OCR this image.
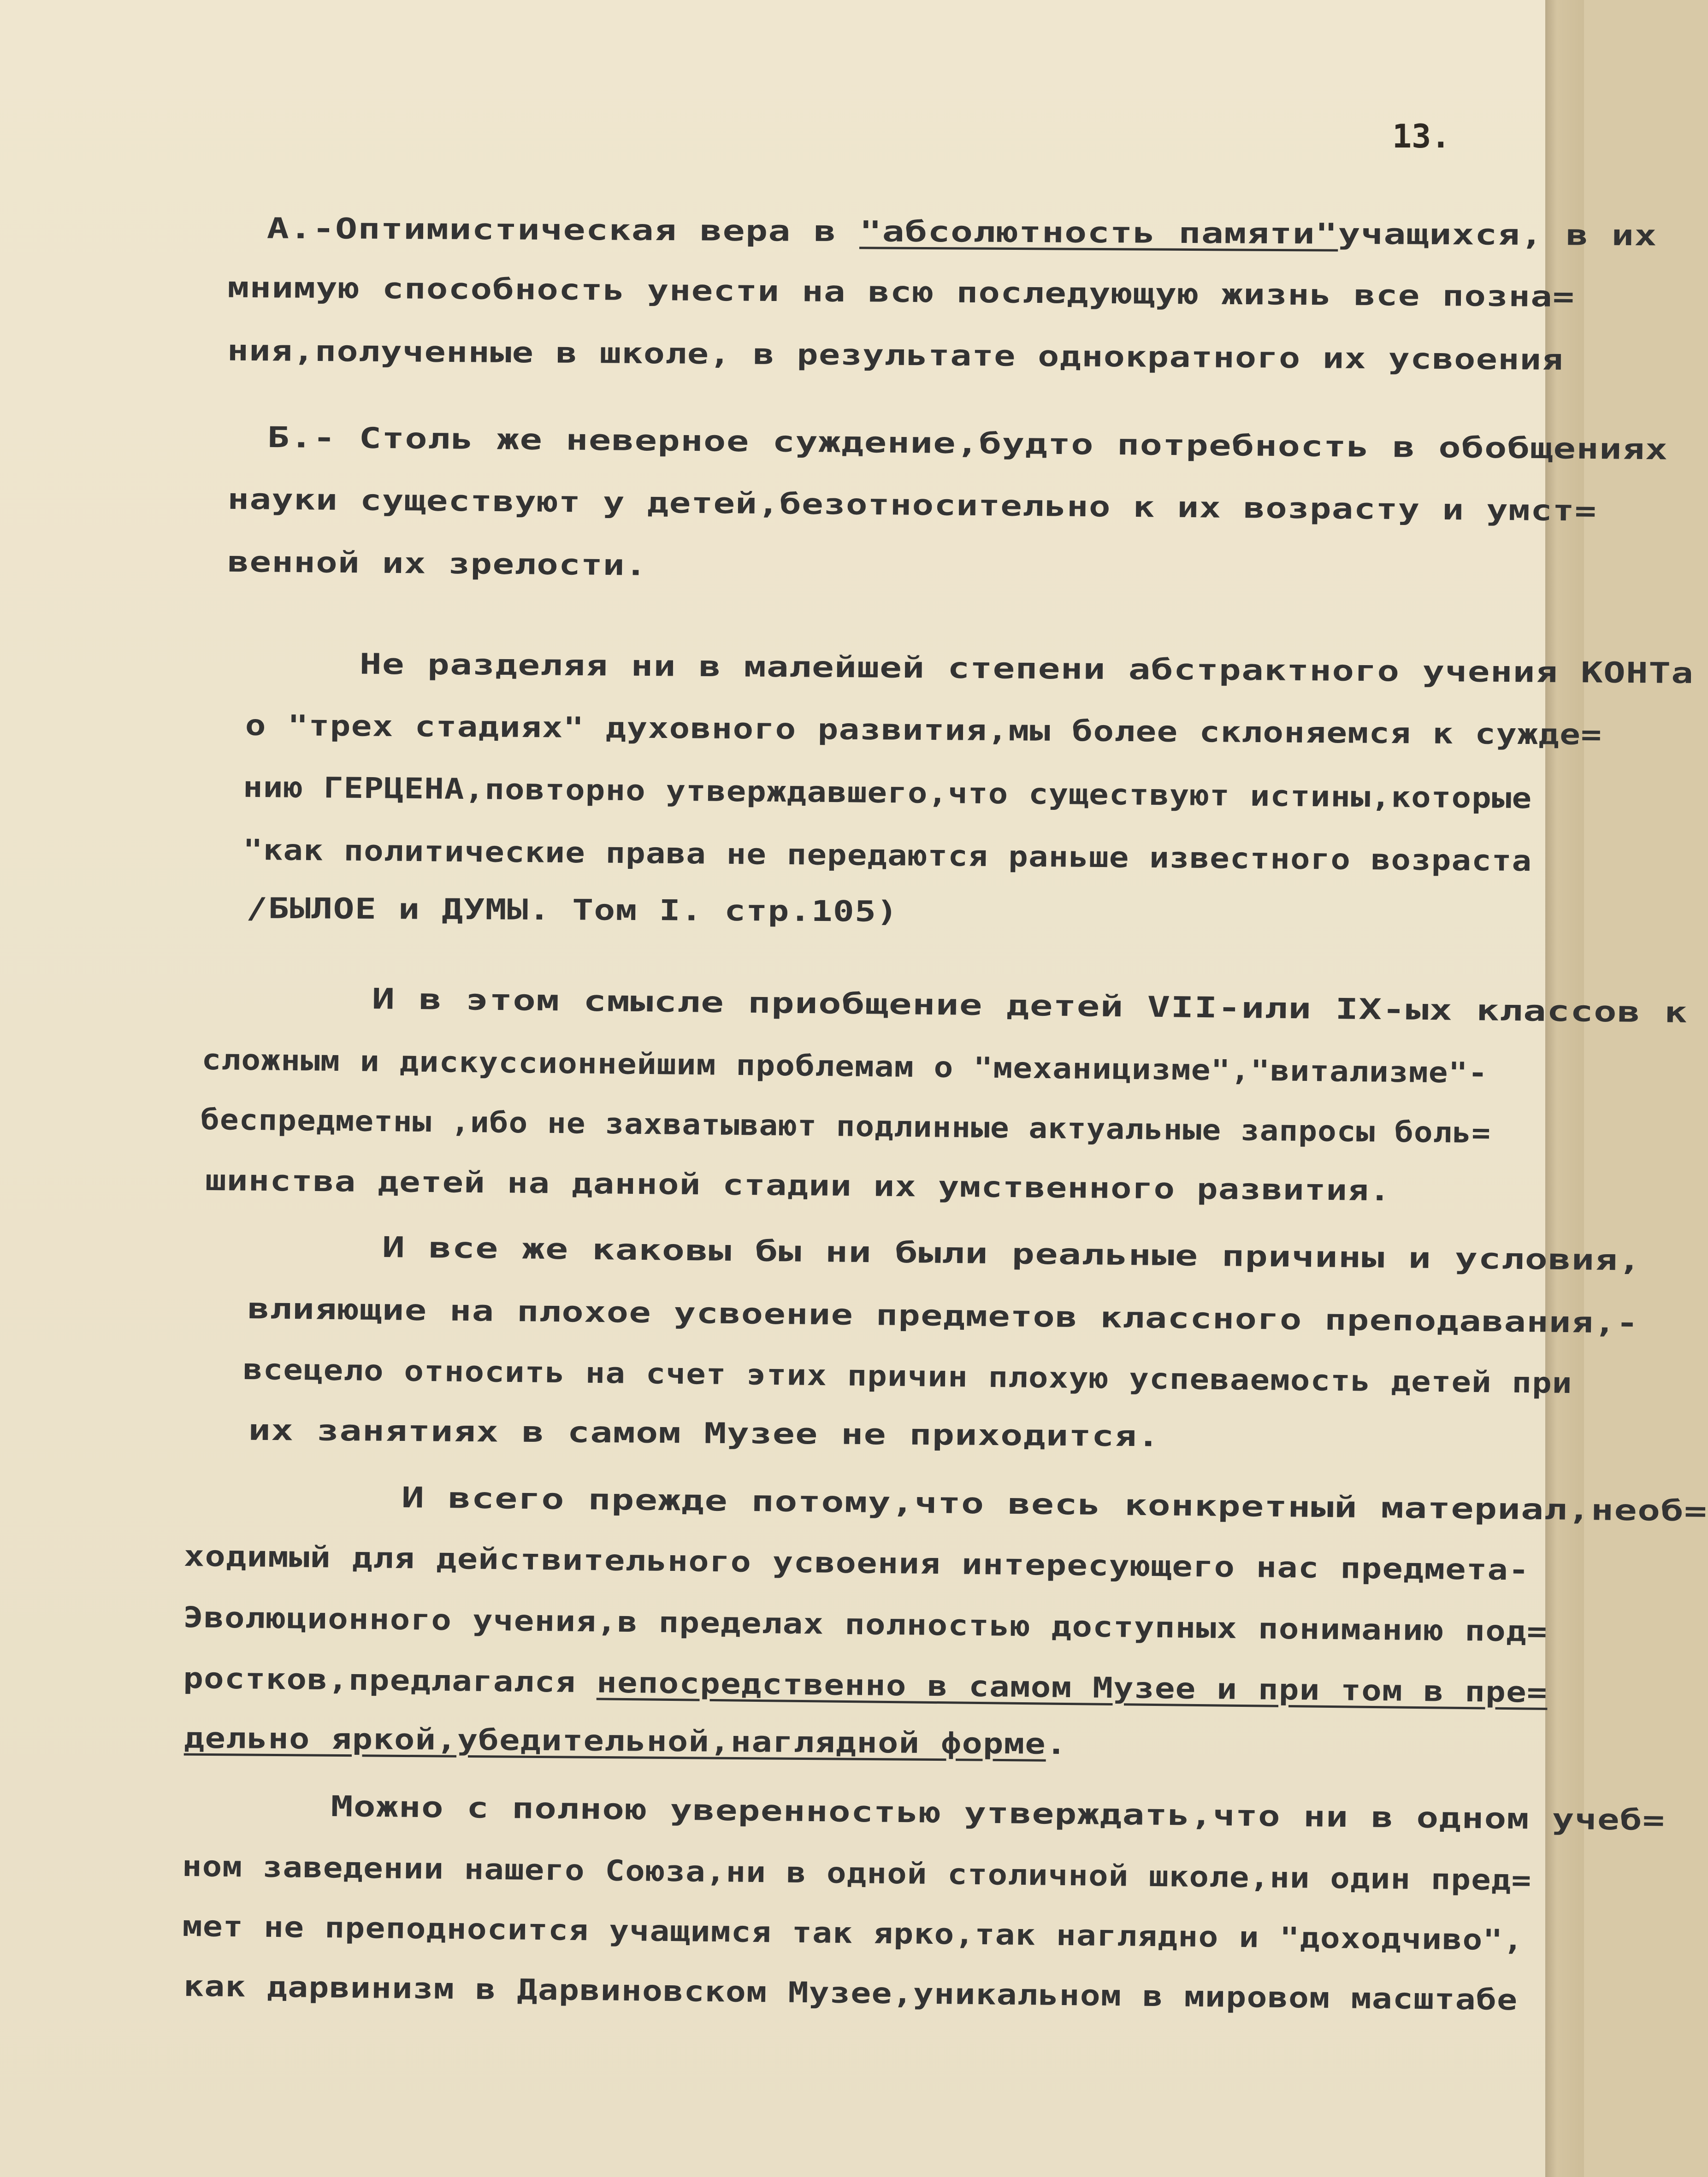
13.

А.-Оптимистическая вера в "абсолютность памяти"учащихся, в их

мнимую способность унести на всю последующую жизнь все позна=

ния,полученные в школе, в результате однократного их усвоения

Б.- Столь же неверное суждение,будто потребность в обобщениях

науки существуют у детей,безотносительно к их возрасту и умст=

венной их зрелости.

Не разделяя ни в малейшей степени абстрактного учения КОНТа

о "трех стадиях" духовного развития,мы более склоняемся к сужде=

нию ГЕРЦЕНА,повторно утверждавшего,что существуют истины,которые

"как политические права не передаются раньше известного возраста

/БЫЛОЕ и ДУМЫ. Том I. стр.105)

И в этом смысле приобщение детей VII-или IX-ых классов к

сложным и дискуссионнейшим проблемам о "механицизме","витализме"-

беспредметны ,ибо не захватывают подлинные актуальные запросы боль=

шинства детей на данной стадии их умственного развития.

И все же каковы бы ни были реальные причины и условия,

влияющие на плохое усвоение предметов классного преподавания,-

всецело относить на счет этих причин плохую успеваемость детей при

их занятиях в самом Музее не приходится.

И всего прежде потому,что весь конкретный материал,необ=

ходимый для действительного усвоения интересующего нас предмета-

Эволюционного учения,в пределах полностью доступных пониманию под=

ростков,предлагался непосредственно в самом Музее и при том в пре=

дельно яркой,убедительной,наглядной форме.

Можно с полною уверенностью утверждать,что ни в одном учеб=

ном заведении нашего Союза,ни в одной столичной школе,ни один пред=

мет не преподносится учащимся так ярко,так наглядно и "доходчиво",

как дарвинизм в Дарвиновском Музее,уникальном в мировом масштабе
